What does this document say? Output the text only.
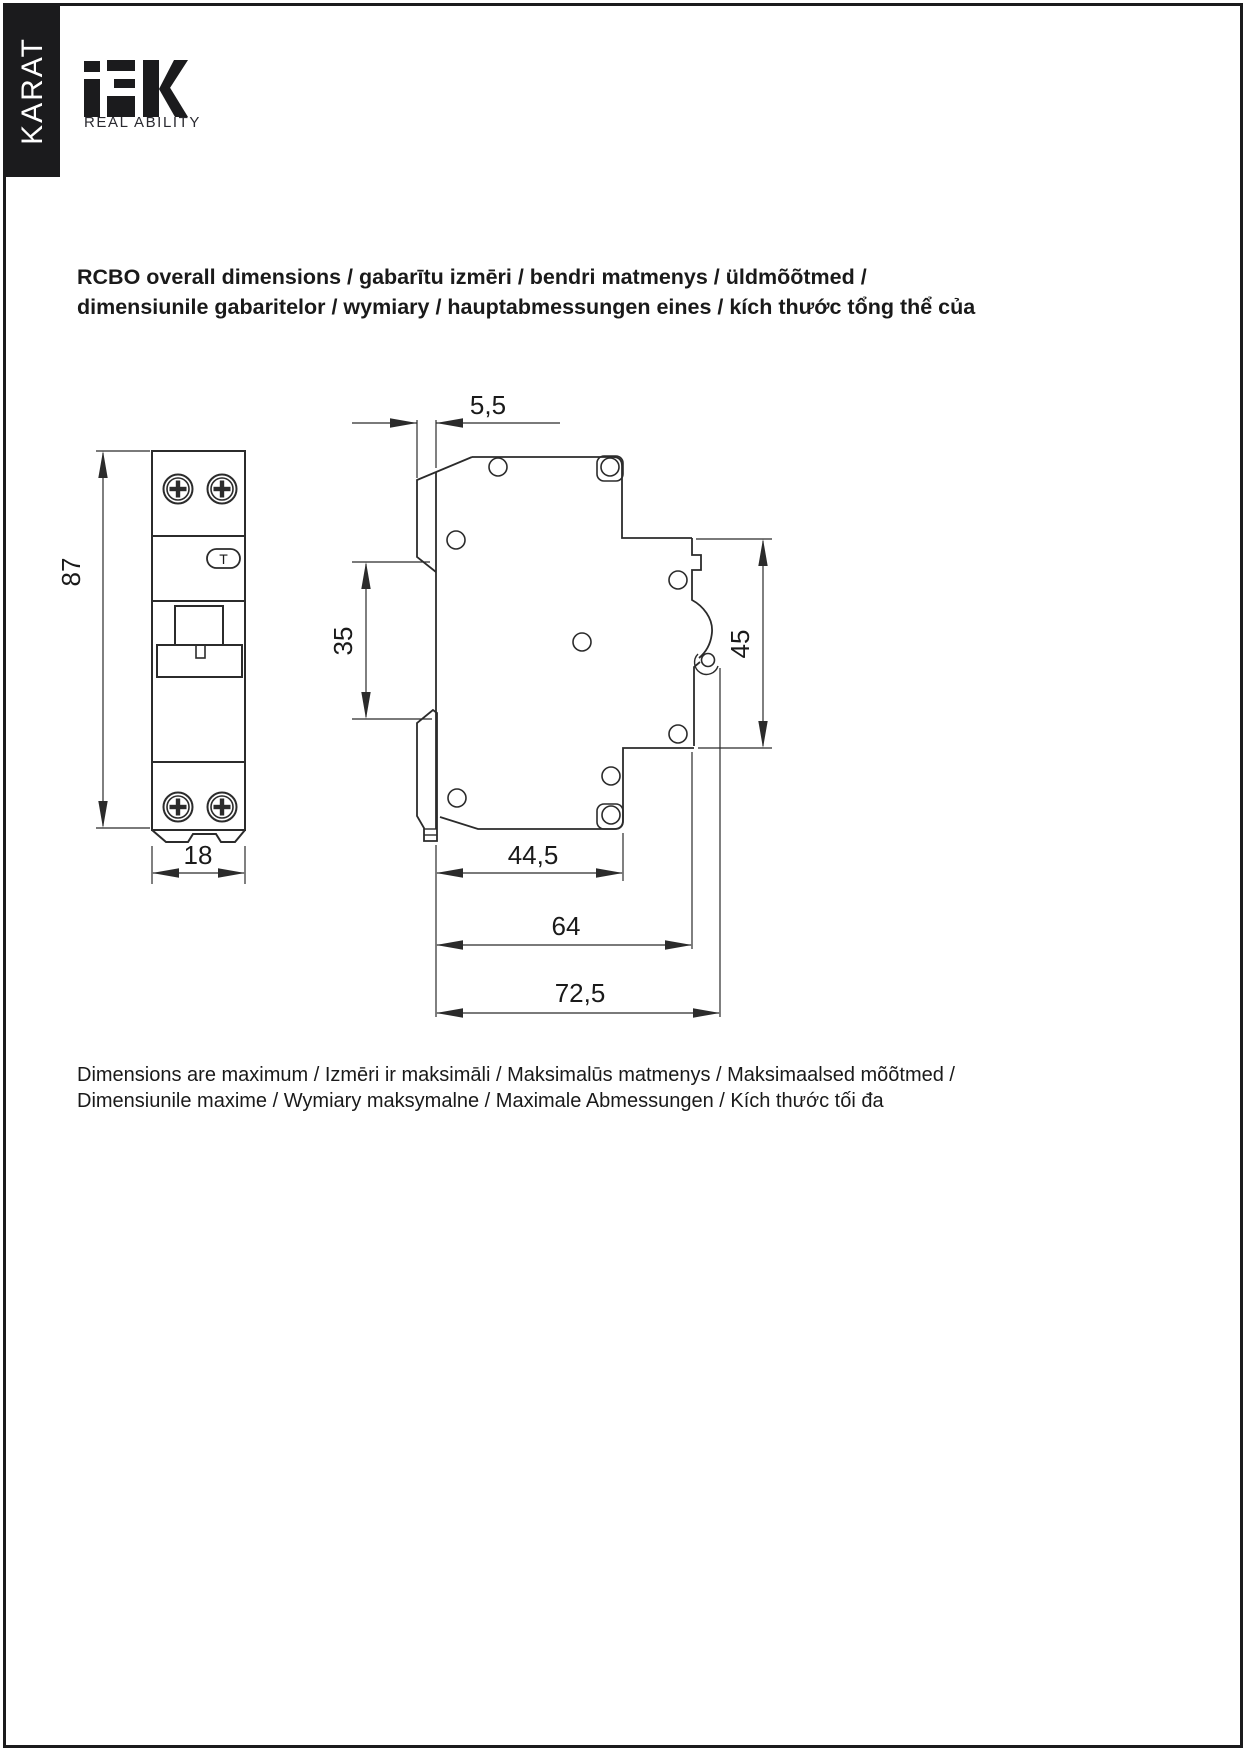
KARAT REAL ABILITY
RCBO overall dimensions / gabarītu izmēri / bendri matmenys / üldmõõtmed /
dimensiunile gabaritelor / wymiary / hauptabmessungen eines / kích thước tổng thể của
T
87
18
5,5
35	45
44,5
64
72,5
Dimensions are maximum / Izmēri ir maksimāli / Maksimalūs matmenys / Maksimaalsed mõõtmed /
Dimensiunile maxime / Wymiary maksymalne / Maximale Abmessungen / Kích thước tối đa
